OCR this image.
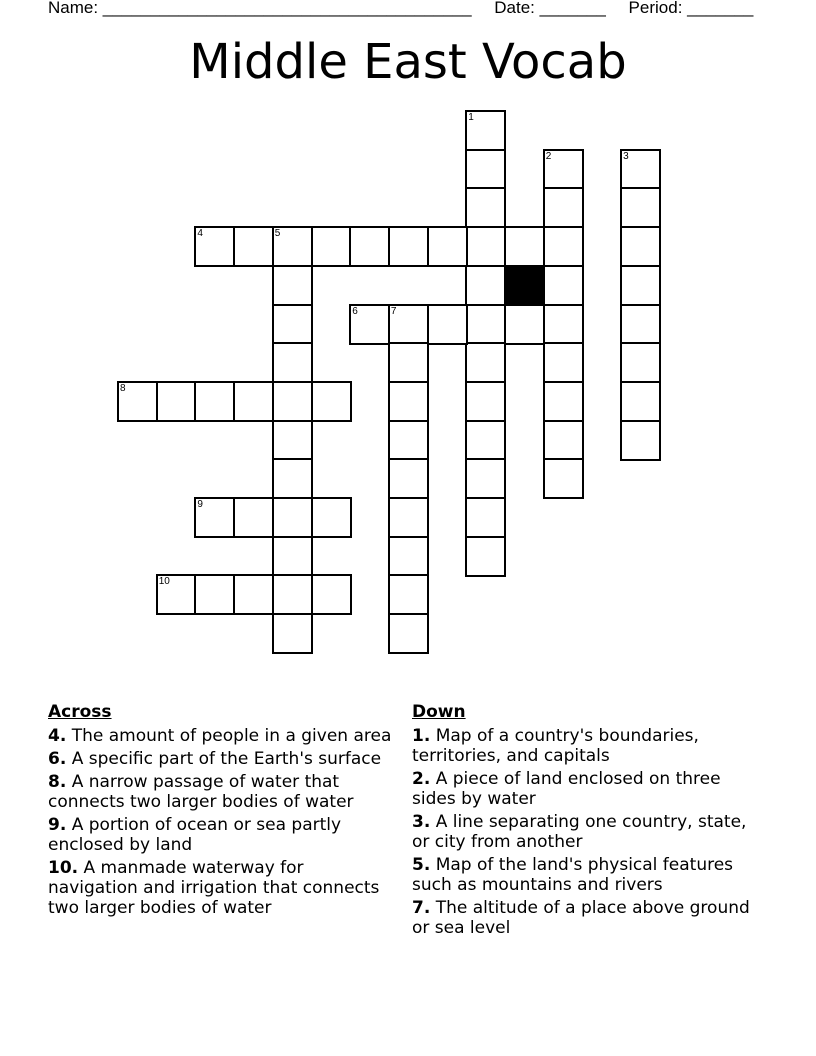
Name: _______________________________________ Date: _______ Period: _______
Middle East Vocab
1
2	3
4	5
6	7
8
9
10
Across
4. The amount of people in a given area
6. A specific part of the Earth's surface
8. A narrow passage of water that connects two larger bodies of water
9. A portion of ocean or sea partly enclosed by land
10. A manmade waterway for navigation and irrigation that connects two larger bodies of water
Down
1. Map of a country's boundaries, territories, and capitals
2. A piece of land enclosed on three sides by water
3. A line separating one country, state, or city from another
5. Map of the land's physical features such as mountains and rivers
7. The altitude of a place above ground or sea level
